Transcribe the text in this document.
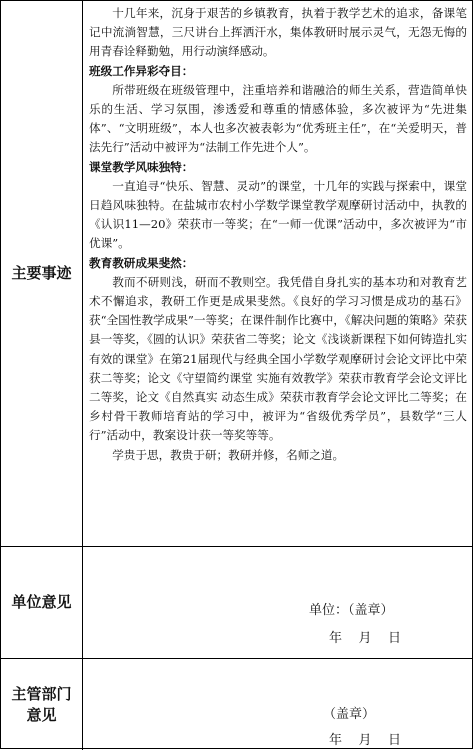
主要事迹

十几年来，沉身于艰苦的乡镇教育，执着于教学艺术的追求，备课笔记中流淌智慧，三尺讲台上挥洒汗水，集体教研时展示灵气，无怨无悔的用青春诠释勤勉，用行动演绎感动。

班级工作异彩夺目：

所带班级在班级管理中，注重培养和谐融洽的师生关系，营造简单快乐的生活、学习氛围，渗透爱和尊重的情感体验，多次被评为“先进集体”、“文明班级”，本人也多次被表彰为“优秀班主任”，在“关爱明天，普法先行”活动中被评为“法制工作先进个人”。

课堂教学风味独特：

一直追寻“快乐、智慧、灵动”的课堂，十几年的实践与探索中，课堂日趋风味独特。在盐城市农村小学数学课堂教学观摩研讨活动中，执教的《认识11—20》荣获市一等奖；在“一师一优课”活动中，多次被评为“市优课”。

教育教研成果斐然：

教而不研则浅，研而不教则空。我凭借自身扎实的基本功和对教育艺术不懈追求，教研工作更是成果斐然。《良好的学习习惯是成功的基石》获“全国性教学成果”一等奖；在课件制作比赛中，《解决问题的策略》荣获县一等奖，《圆的认识》荣获省二等奖；论文《浅谈新课程下如何铸造扎实有效的课堂》在第21届现代与经典全国小学数学观摩研讨会论文评比中荣获二等奖；论文《守望简约课堂 实施有效教学》荣获市教育学会论文评比二等奖，论文《自然真实 动态生成》荣获市教育学会论文评比二等奖；在乡村骨干教师培育站的学习中，被评为“省级优秀学员”，县数学“三人行”活动中，教案设计获一等奖等等。

学贵于思，教贵于研；教研并修，名师之道。

单位意见	单位：（盖章）
年    月    日
主管部门
意见	（盖章）
年    月    日
